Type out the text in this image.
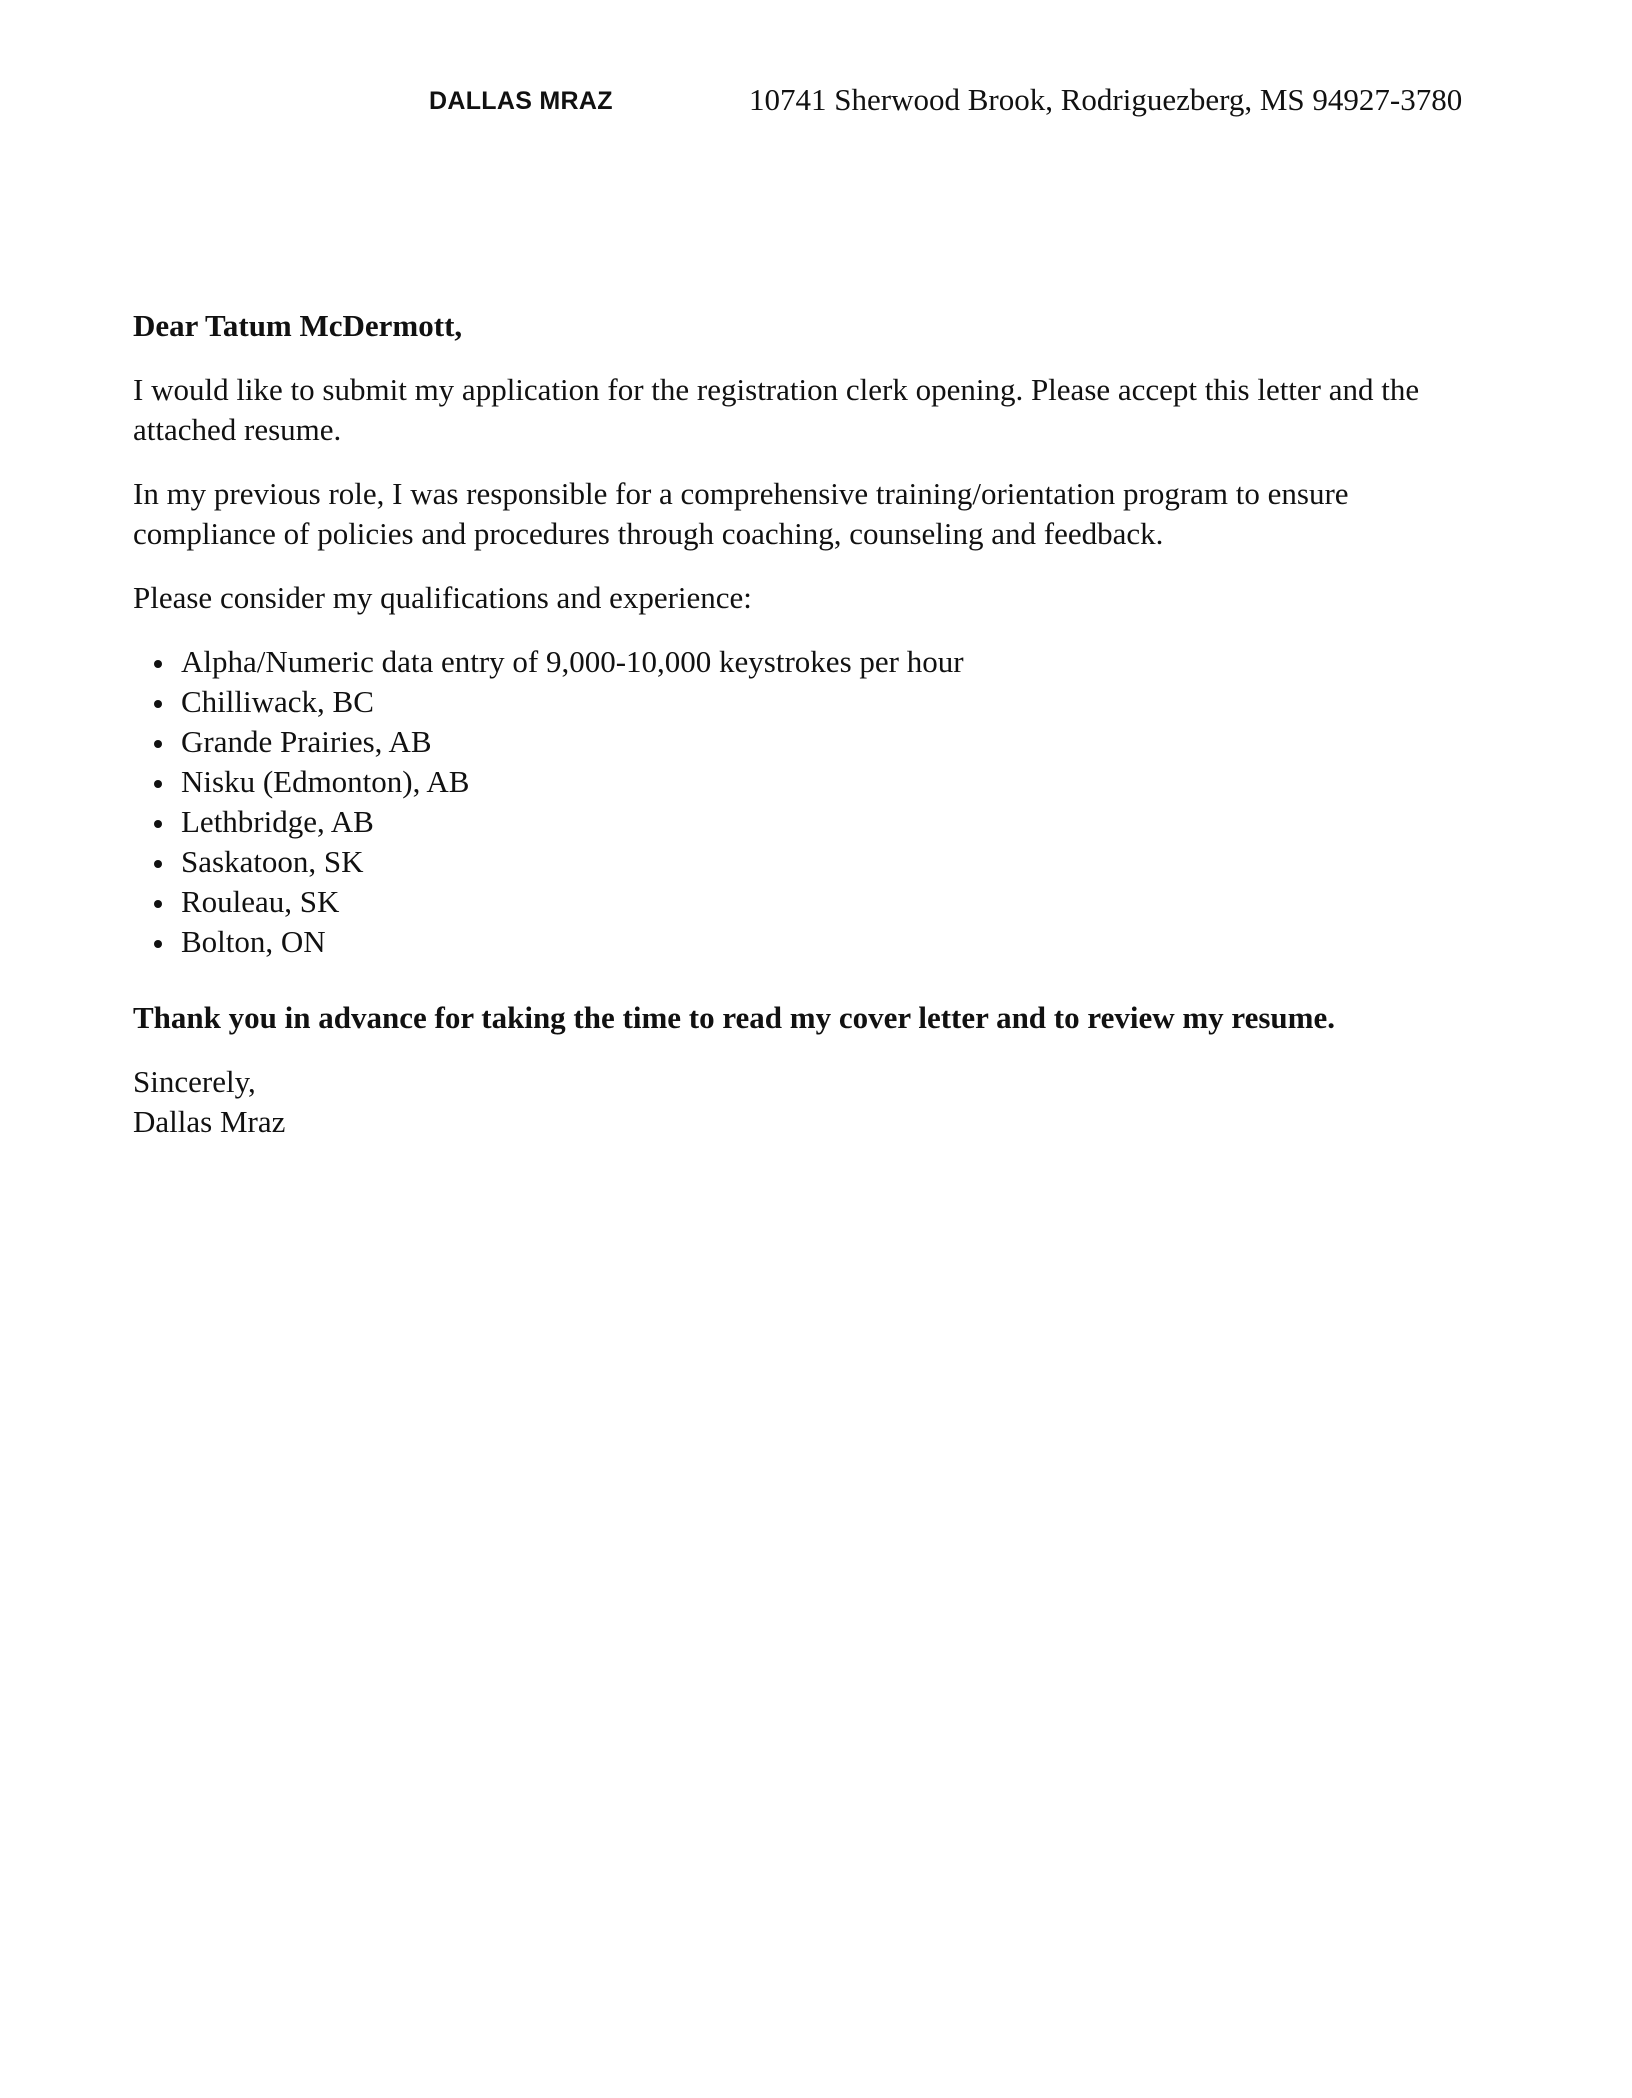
DALLAS MRAZ	10741 Sherwood Brook, Rodriguezberg, MS 94927-3780

Dear Tatum McDermott,

I would like to submit my application for the registration clerk opening. Please accept this letter and the attached resume.

In my previous role, I was responsible for a comprehensive training/orientation program to ensure compliance of policies and procedures through coaching, counseling and feedback.

Please consider my qualifications and experience:

Alpha/Numeric data entry of 9,000-10,000 keystrokes per hour
Chilliwack, BC
Grande Prairies, AB
Nisku (Edmonton), AB
Lethbridge, AB
Saskatoon, SK
Rouleau, SK
Bolton, ON

Thank you in advance for taking the time to read my cover letter and to review my resume.

Sincerely,
Dallas Mraz
